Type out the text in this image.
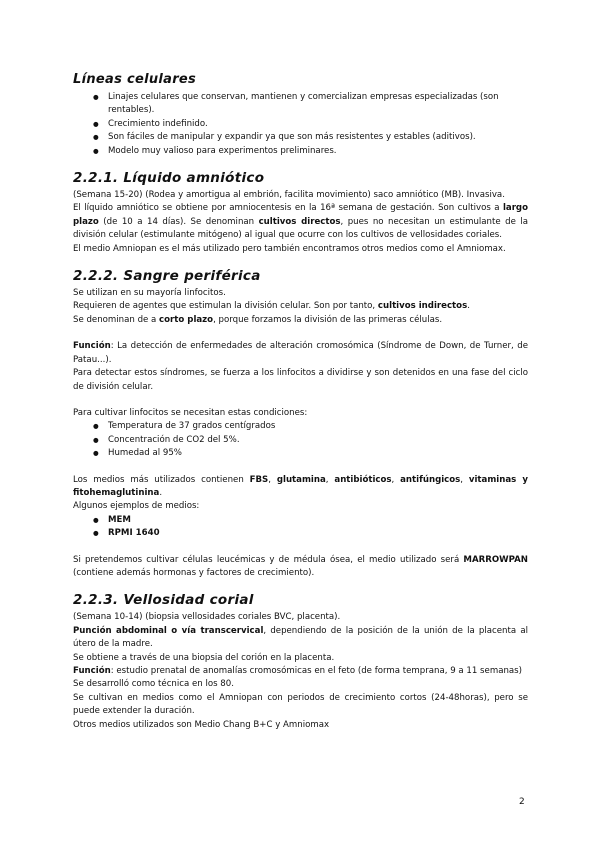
Líneas celulares
● Linajes celulares que conservan, mantienen y comercializan empresas especializadas (son rentables).
● Crecimiento indefinido.
● Son fáciles de manipular y expandir ya que son más resistentes y estables (aditivos).
● Modelo muy valioso para experimentos preliminares.
2.2.1. Líquido amniótico

(Semana 15-20) (Rodea y amortigua al embrión, facilita movimiento) saco amniótico (MB). Invasiva.

El líquido amniótico se obtiene por amniocentesis en la 16ª semana de gestación. Son cultivos a largo plazo (de 10 a 14 días). Se denominan cultivos directos, pues no necesitan un estimulante de la división celular (estimulante mitógeno) al igual que ocurre con los cultivos de vellosidades coriales.

El medio Amniopan es el más utilizado pero también encontramos otros medios como el Amniomax.

2.2.2. Sangre periférica

Se utilizan en su mayoría linfocitos.

Requieren de agentes que estimulan la división celular. Son por tanto, cultivos indirectos.

Se denominan de a corto plazo, porque forzamos la división de las primeras células.

Función: La detección de enfermedades de alteración cromosómica (Síndrome de Down, de Turner, de Patau...).

Para detectar estos síndromes, se fuerza a los linfocitos a dividirse y son detenidos en una fase del ciclo de división celular.

Para cultivar linfocitos se necesitan estas condiciones:

● Temperatura de 37 grados centígrados
● Concentración de CO2 del 5%.
● Humedad al 95%

Los medios más utilizados contienen FBS, glutamina, antibióticos, antifúngicos, vitaminas y fitohemaglutinina.

Algunos ejemplos de medios:

● MEM
● RPMI 1640

Si pretendemos cultivar células leucémicas y de médula ósea, el medio utilizado será MARROWPAN (contiene además hormonas y factores de crecimiento).

2.2.3. Vellosidad corial

(Semana 10-14) (biopsia vellosidades coriales BVC, placenta).

Punción abdominal o vía transcervical, dependiendo de la posición de la unión de la placenta al útero de la madre.

Se obtiene a través de una biopsia del corión en la placenta.

Función: estudio prenatal de anomalías cromosómicas en el feto (de forma temprana, 9 a 11 semanas)

Se desarrolló como técnica en los 80.

Se cultivan en medios como el Amniopan con periodos de crecimiento cortos (24-48horas), pero se puede extender la duración.

Otros medios utilizados son Medio Chang B+C y Amniomax

2
